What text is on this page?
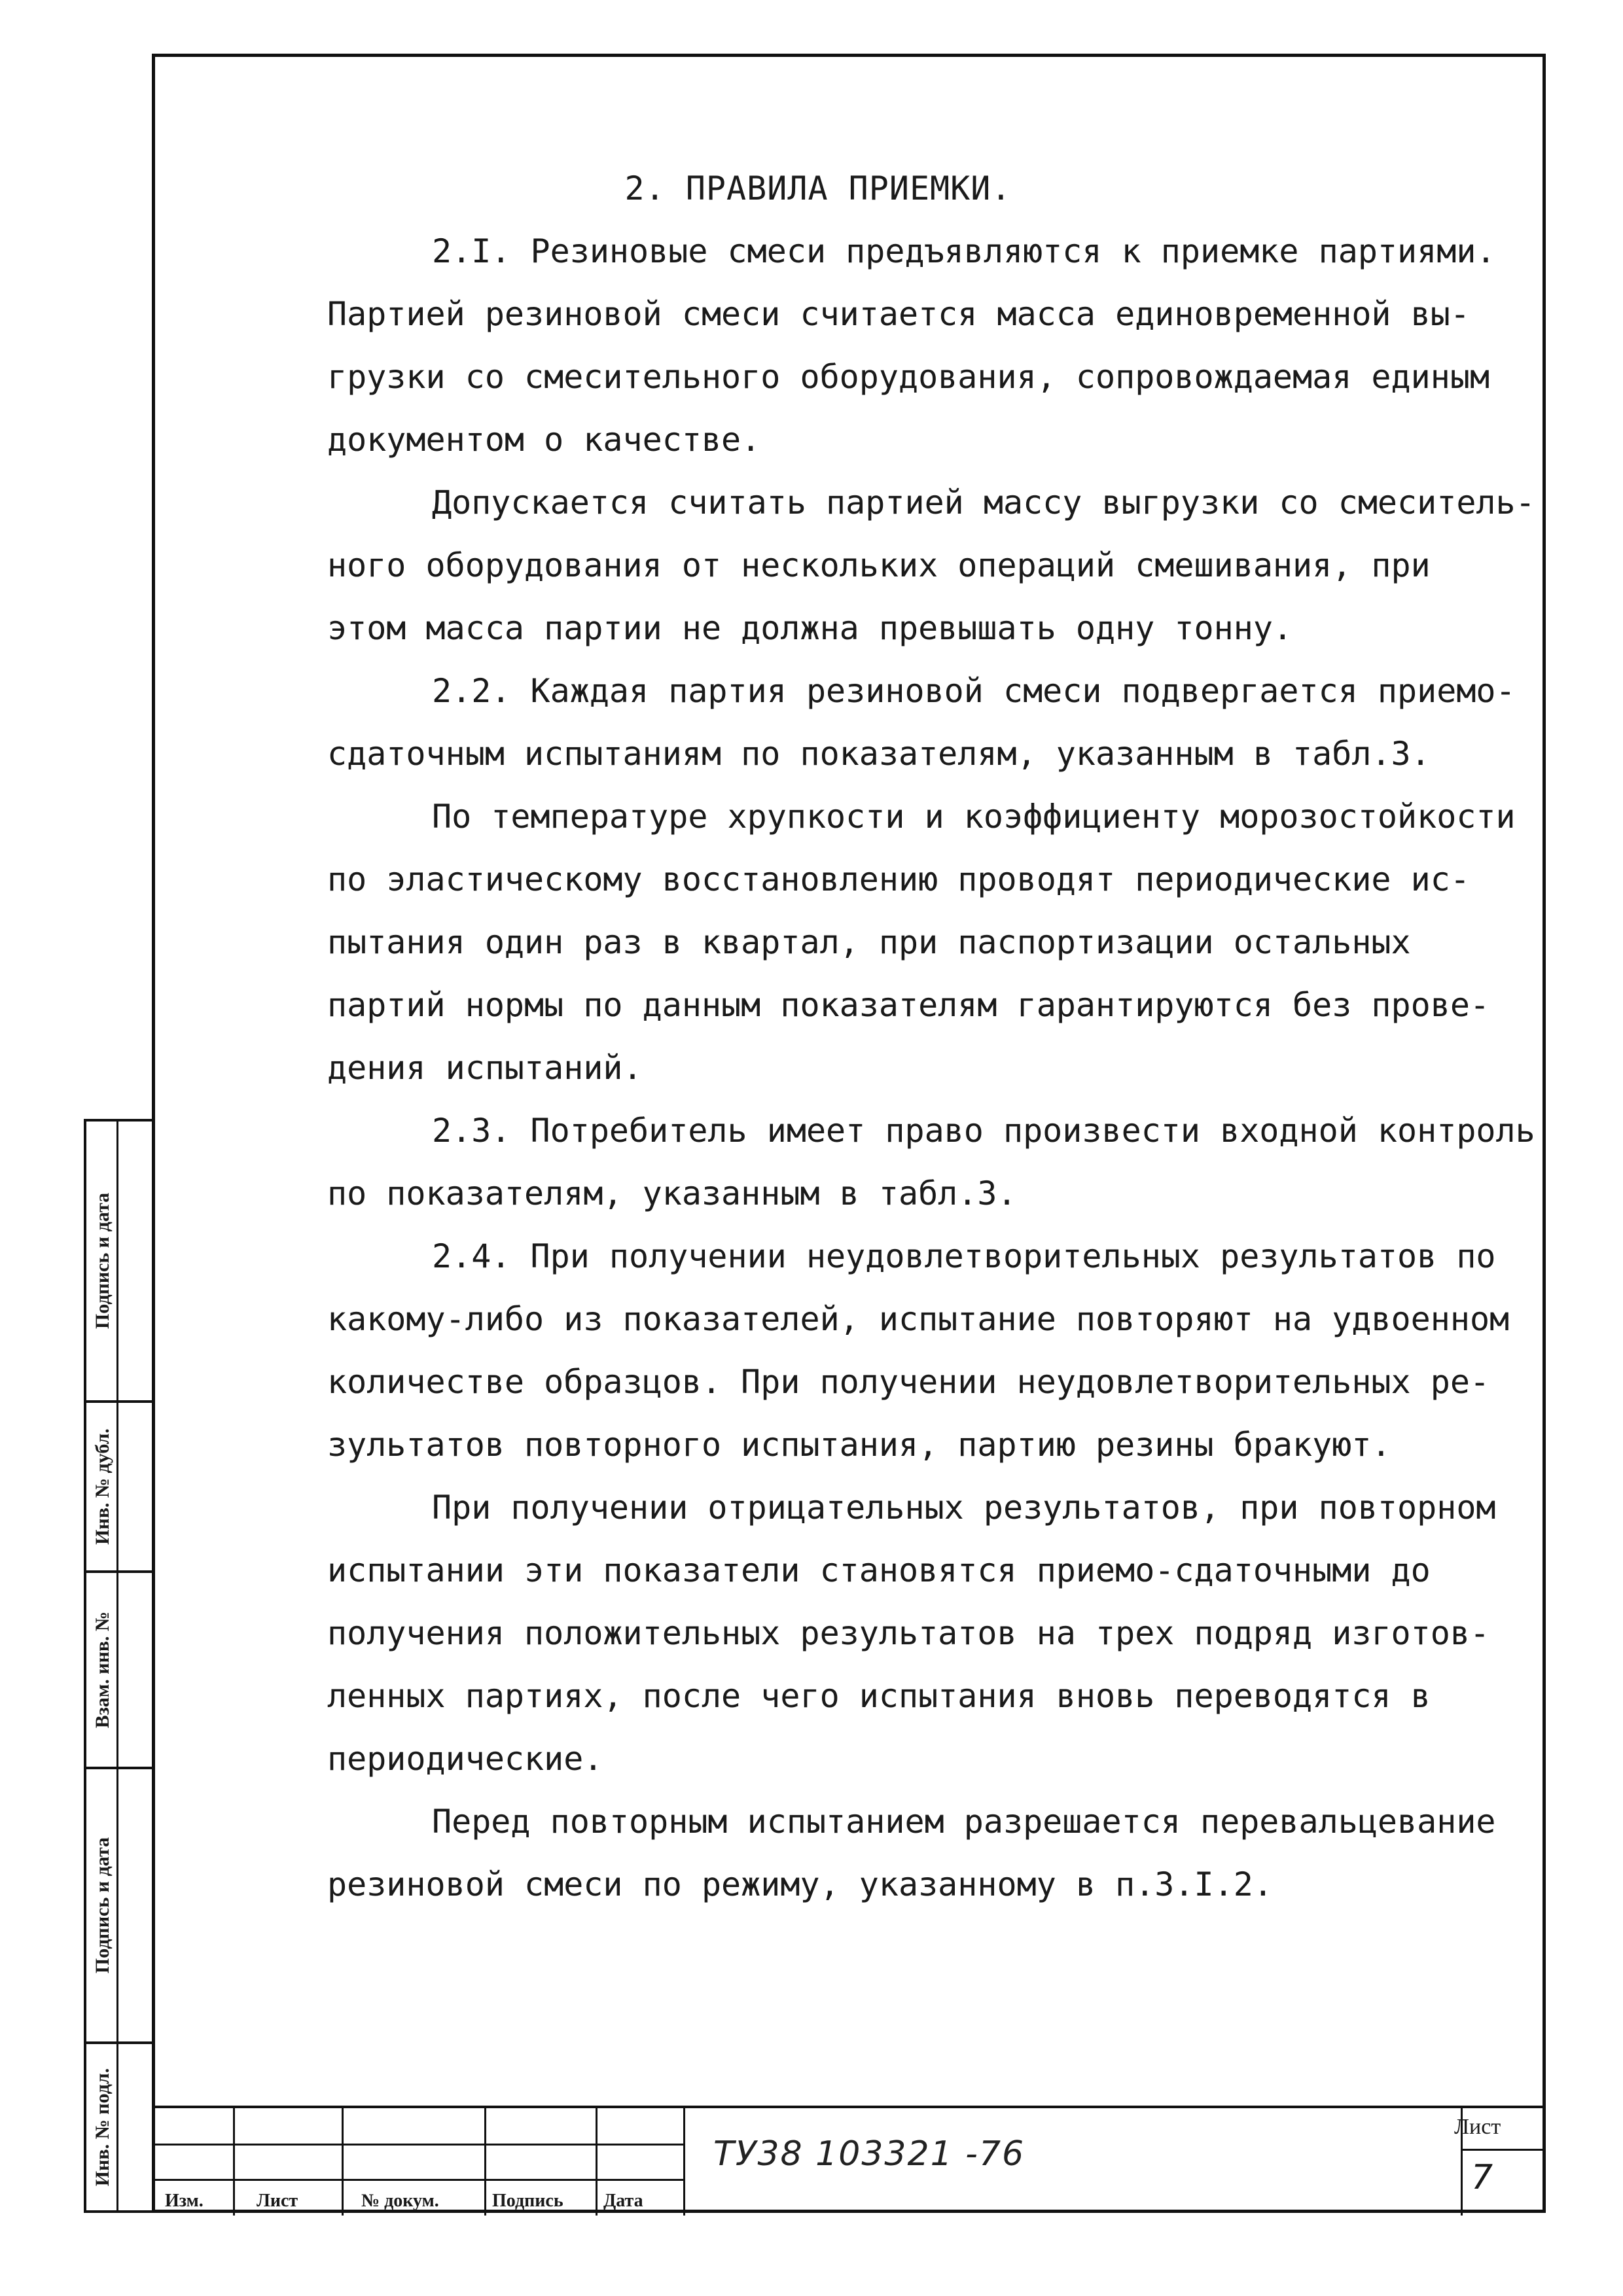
2. ПРАВИЛА ПРИЕМКИ.
2.I. Резиновые смеси предъявляются к приемке партиями.
Партией резиновой смеси считается масса единовременной вы-
грузки со смесительного оборудования, сопровождаемая единым
документом о качестве.
Допускается считать партией массу выгрузки со смеситель-
ного оборудования от нескольких операций смешивания, при
этом масса партии не должна превышать одну тонну.
2.2. Каждая партия резиновой смеси подвергается приемо-
сдаточным испытаниям по показателям, указанным в табл.3.
По температуре хрупкости и коэффициенту морозостойкости
по эластическому восстановлению проводят периодические ис-
пытания один раз в квартал, при паспортизации остальных
партий нормы по данным показателям гарантируются без прове-
дения испытаний.
2.3. Потребитель имеет право произвести входной контроль
по показателям, указанным в табл.3.
2.4. При получении неудовлетворительных результатов по
какому-либо из показателей, испытание повторяют на удвоенном
количестве образцов. При получении неудовлетворительных ре-
зультатов повторного испытания, партию резины бракуют.
При получении отрицательных результатов, при повторном
испытании эти показатели становятся приемо-сдаточными до
получения положительных результатов на трех подряд изготов-
ленных партиях, после чего испытания вновь переводятся в
периодические.
Перед повторным испытанием разрешается перевальцевание
резиновой смеси по режиму, указанному в п.3.I.2.
Подпись и дата
Инв. № дубл.
Взам. инв. №
Подпись и дата
Инв. № подл.
Изм.	Лист	№ докум.	Подпись Дата
ТУ38 103321 -76
Лист
7
